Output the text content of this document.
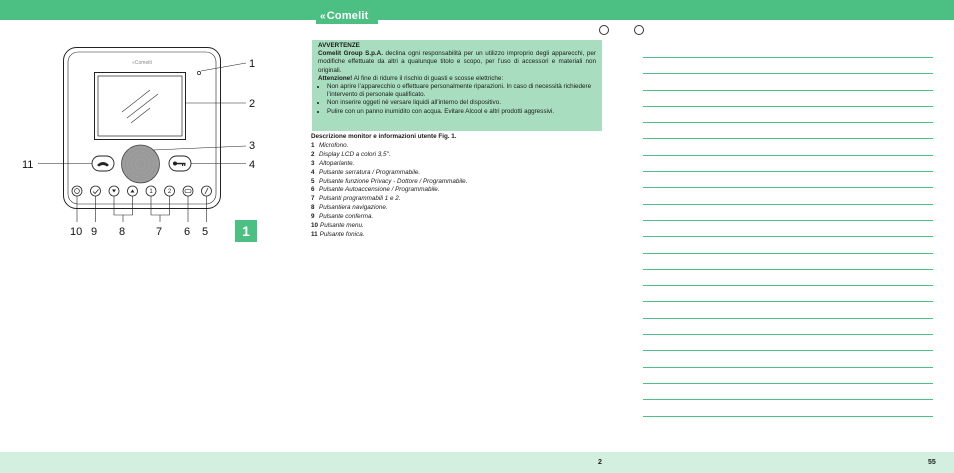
«Comelit
«Comelit
1	2
1
2
3
4
5
6
7
8
9
10
11
1

AVVERTENZE

Comelit Group S.p.A. declina ogni responsabilità per un utilizzo improprio degli apparecchi, per modifiche effettuate da altri a qualunque titolo e scopo, per l’uso di accessori e materiali non originali.

Attenzione! Al fine di ridurre il rischio di guasti e scosse elettriche:

• Non aprire l’apparecchio o effettuare personalmente riparazioni. In caso di necessità richiedere l’intervento di personale qualificato.
• Non inserire oggeti nè versare liquidi all’interno del dispositivo.
• Pulire con un panno inumidito con acqua. Evitare Alcool e altri prodotti aggressivi.
Descrizione monitor e informazioni utente Fig. 1.
1 Microfono.
2 Display LCD a colori 3,5".
3 Altoparlante.
4 Pulsante serratura / Programmabile.
5 Pulsante funzione Privacy - Dottore / Programmabile.
6 Pulsante Autoaccensione / Programmabile.
7 Pulsanti programmabili 1 e 2.
8 Pulsantiera navigazione.
9 Pulsante conferma.
10 Pulsante menu.
11 Pulsante fonica.
2	55
